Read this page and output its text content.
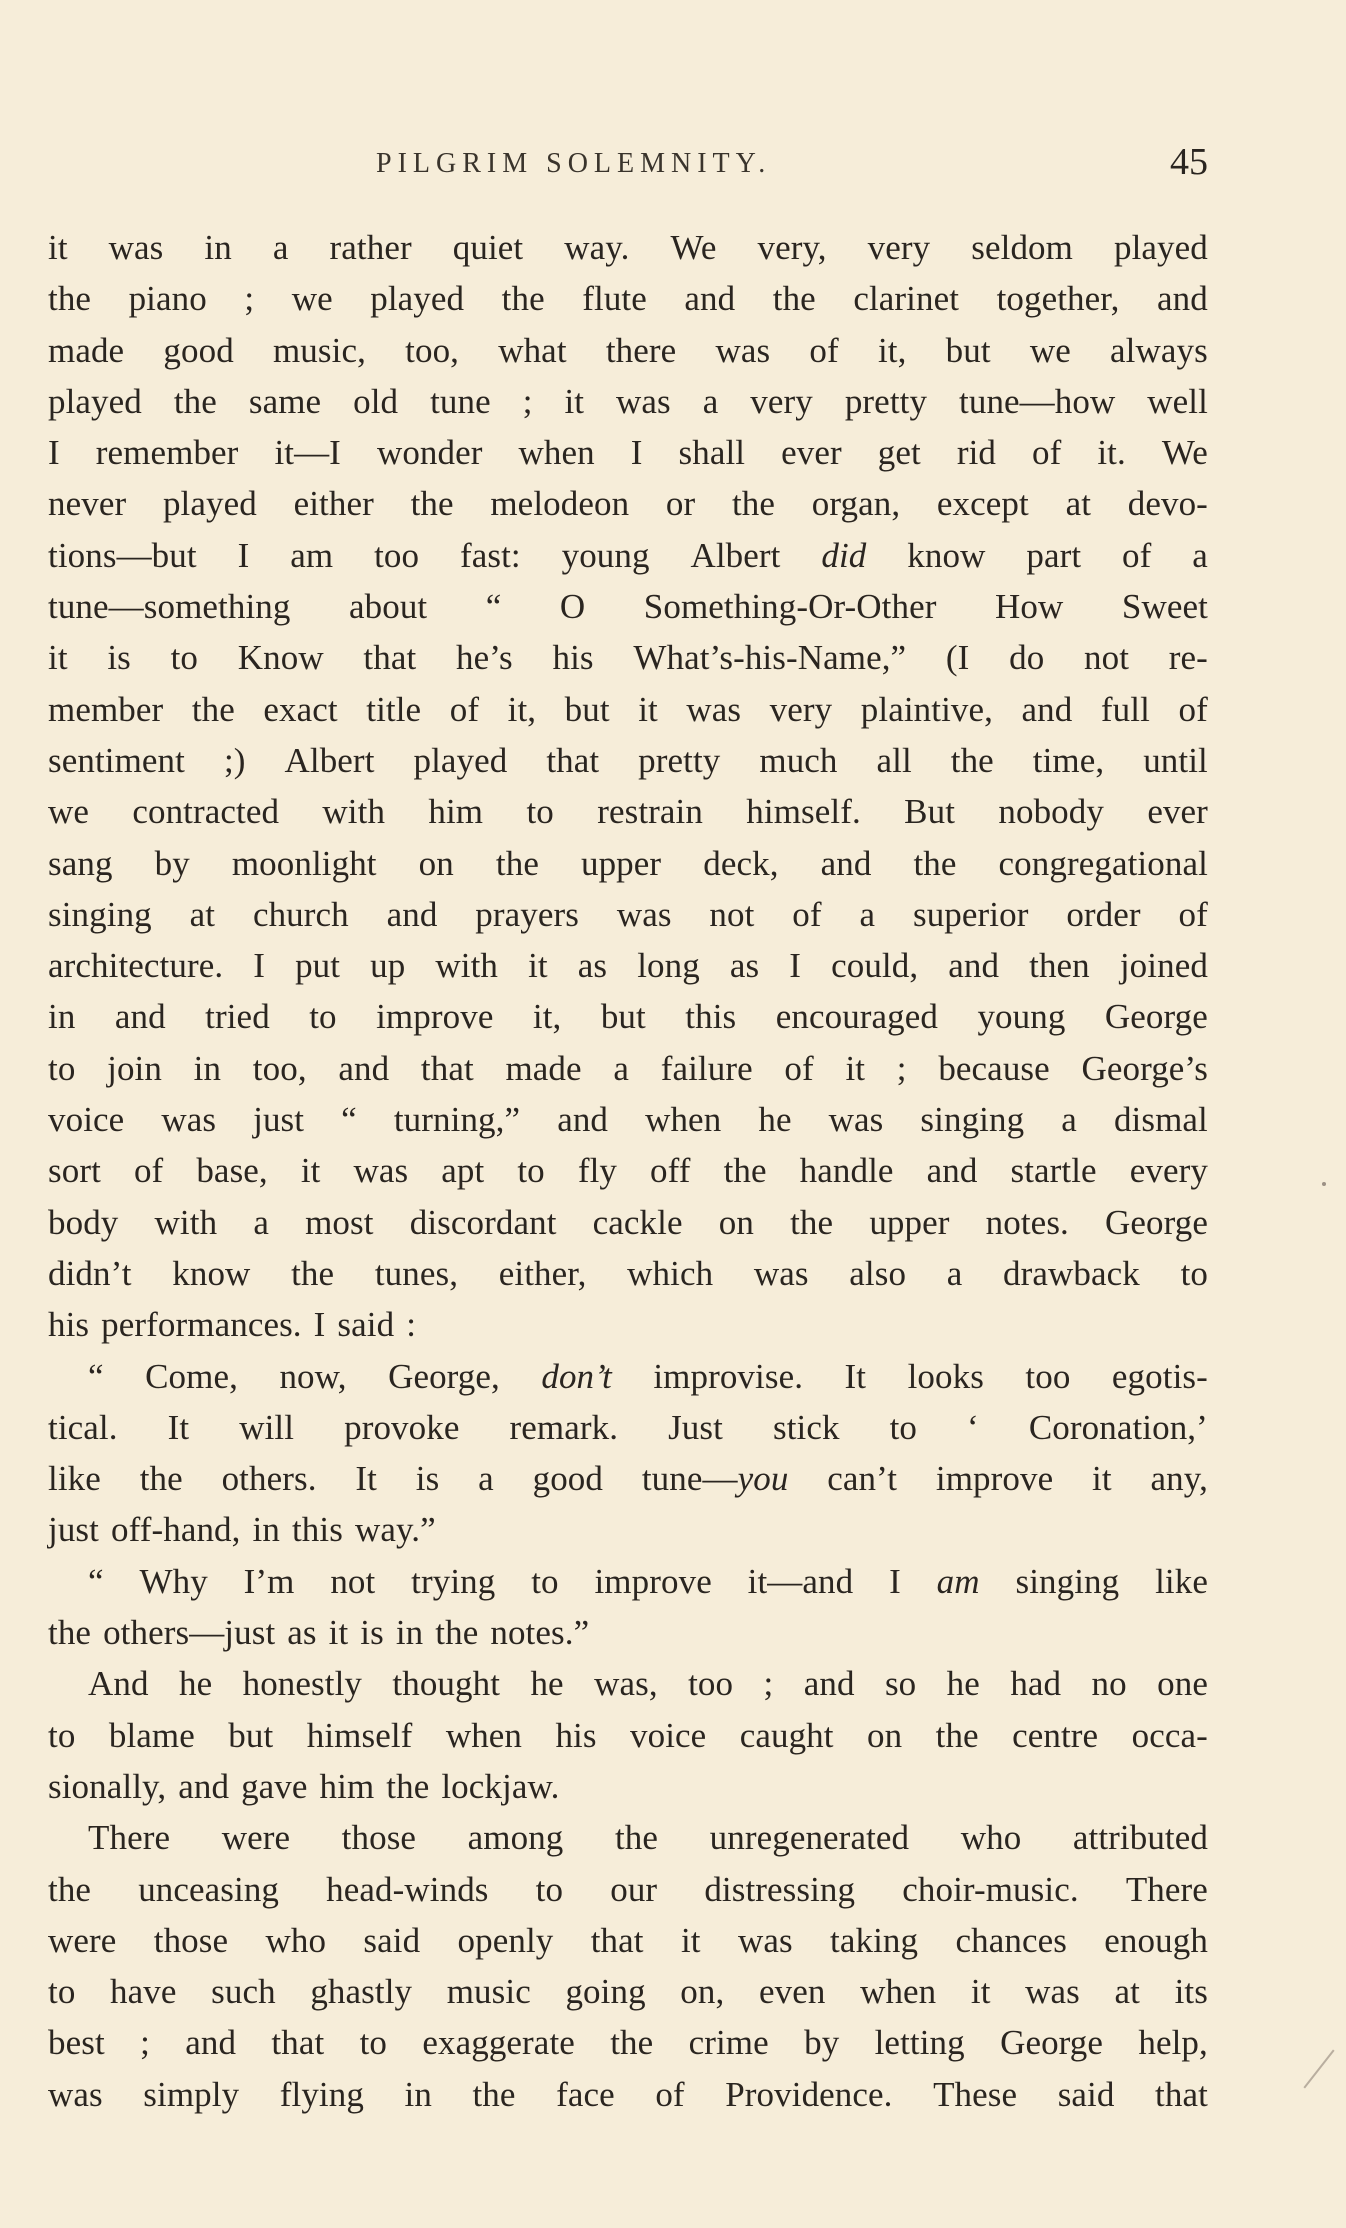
PILGRIM SOLEMNITY.	45
it was in a rather quiet way. We very, very seldom played
the piano ; we played the flute and the clarinet together, and
made good music, too, what there was of it, but we always
played the same old tune ; it was a very pretty tune—how well
I remember it—I wonder when I shall ever get rid of it. We
never played either the melodeon or the organ, except at devo-
tions—but I am too fast: young Albert did know part of a
tune—something about “ O Something-Or-Other How Sweet
it is to Know that he’s his What’s-his-Name,” (I do not re-
member the exact title of it, but it was very plaintive, and full of
sentiment ;) Albert played that pretty much all the time, until
we contracted with him to restrain himself. But nobody ever
sang by moonlight on the upper deck, and the congregational
singing at church and prayers was not of a superior order of
architecture. I put up with it as long as I could, and then joined
in and tried to improve it, but this encouraged young George
to join in too, and that made a failure of it ; because George’s
voice was just “ turning,” and when he was singing a dismal
sort of base, it was apt to fly off the handle and startle every
body with a most discordant cackle on the upper notes. George
didn’t know the tunes, either, which was also a drawback to
his performances. I said :
“ Come, now, George, don’t improvise. It looks too egotis-
tical. It will provoke remark. Just stick to ‘ Coronation,’
like the others. It is a good tune—you can’t improve it any,
just off-hand, in this way.”
“ Why I’m not trying to improve it—and I am singing like
the others—just as it is in the notes.”
And he honestly thought he was, too ; and so he had no one
to blame but himself when his voice caught on the centre occa-
sionally, and gave him the lockjaw.
There were those among the unregenerated who attributed
the unceasing head-winds to our distressing choir-music. There
were those who said openly that it was taking chances enough
to have such ghastly music going on, even when it was at its
best ; and that to exaggerate the crime by letting George help,
was simply flying in the face of Providence. These said that
